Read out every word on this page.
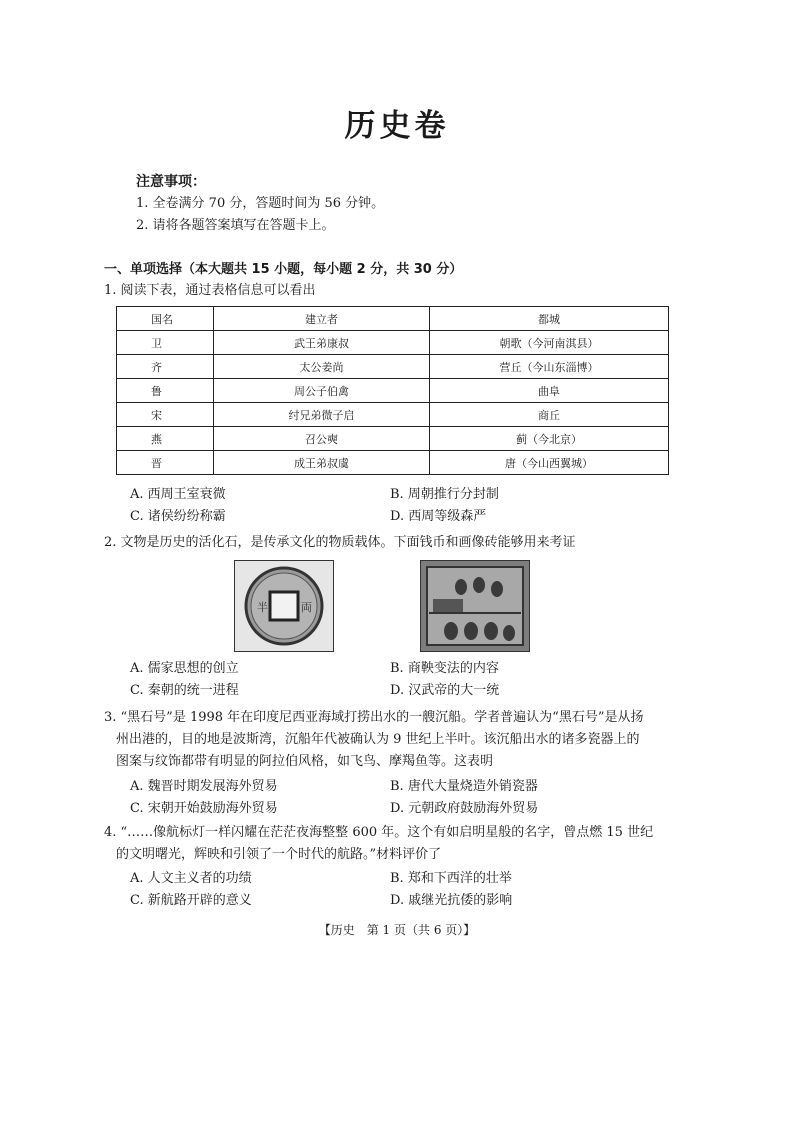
历史卷
注意事项：
1. 全卷满分 70 分，答题时间为 56 分钟。
2. 请将各题答案填写在答题卡上。
一、单项选择（本大题共 15 小题，每小题 2 分，共 30 分）
1. 阅读下表，通过表格信息可以看出
国名	建立者	都城
卫	武王弟康叔	朝歌（今河南淇县）
齐	太公姜尚	营丘（今山东淄博）
鲁	周公子伯禽	曲阜
宋	纣兄弟微子启	商丘
燕	召公奭	蓟（今北京）
晋	成王弟叔虞	唐（今山西翼城）
A. 西周王室衰微	B. 周朝推行分封制
C. 诸侯纷纷称霸	D. 西周等级森严
2. 文物是历史的活化石，是传承文化的物质载体。下面钱币和画像砖能够用来考证
半	両
A. 儒家思想的创立	B. 商鞅变法的内容
C. 秦朝的统一进程	D. 汉武帝的大一统
3. “黑石号”是 1998 年在印度尼西亚海域打捞出水的一艘沉船。学者普遍认为“黑石号”是从扬
州出港的，目的地是波斯湾，沉船年代被确认为 9 世纪上半叶。该沉船出水的诸多瓷器上的
图案与纹饰都带有明显的阿拉伯风格，如飞鸟、摩羯鱼等。这表明
A. 魏晋时期发展海外贸易	B. 唐代大量烧造外销瓷器
C. 宋朝开始鼓励海外贸易	D. 元朝政府鼓励海外贸易
4. “……像航标灯一样闪耀在茫茫夜海整整 600 年。这个有如启明星般的名字，曾点燃 15 世纪
的文明曙光，辉映和引领了一个时代的航路。”材料评价了
A. 人文主义者的功绩	B. 郑和下西洋的壮举
C. 新航路开辟的意义	D. 戚继光抗倭的影响
【历史　第 1 页（共 6 页）】
